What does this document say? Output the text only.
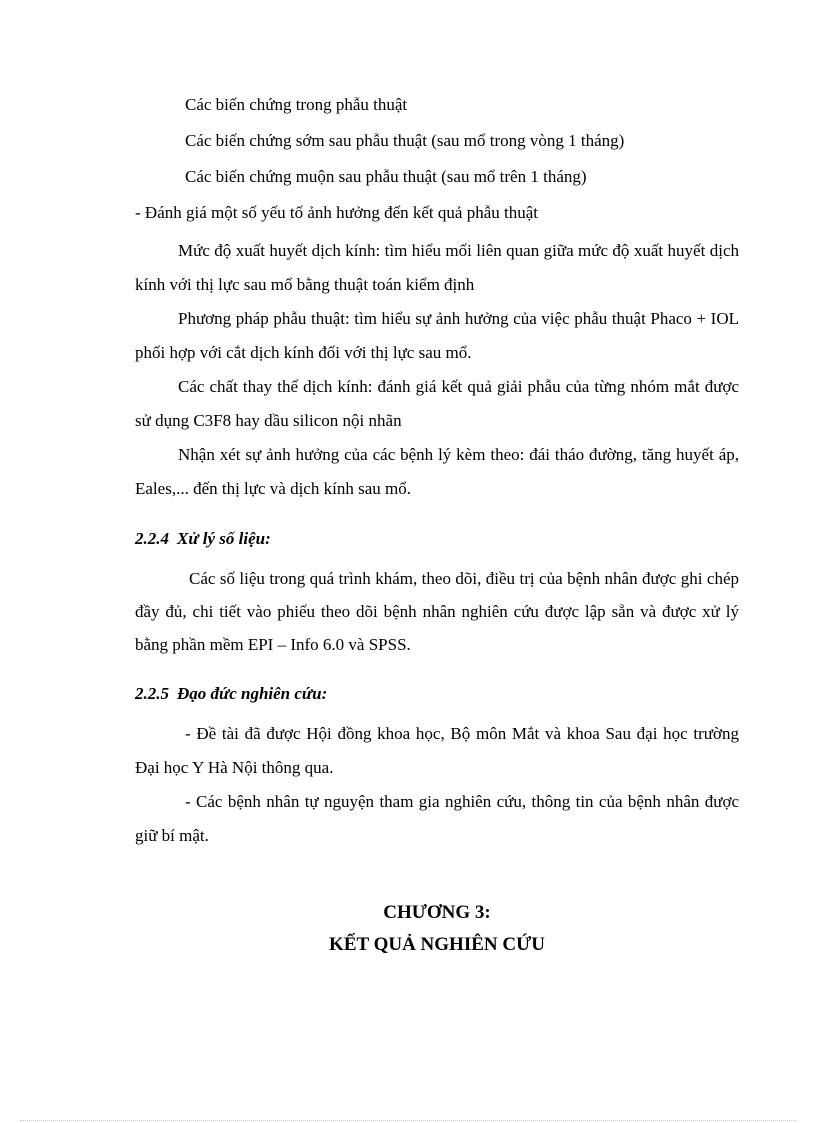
Các biến chứng trong phẫu thuật

Các biến chứng sớm sau phẫu thuật (sau mổ trong vòng 1 tháng)

Các biến chứng muộn sau phẫu thuật (sau mổ trên 1 tháng)

- Đánh giá một số yếu tố ảnh hưởng đến kết quả phẫu thuật

Mức độ xuất huyết dịch kính: tìm hiểu mối liên quan giữa mức độ xuất huyết dịch kính với thị lực sau mổ bằng thuật toán kiểm định

Phương pháp phẫu thuật: tìm hiểu sự ảnh hưởng của việc phẫu thuật Phaco + IOL phối hợp với cắt dịch kính đối với thị lực sau mổ.

Các chất thay thế dịch kính: đánh giá kết quả giải phẫu của từng nhóm mắt được sử dụng C3F8 hay dầu silicon nội nhãn

Nhận xét sự ảnh hưởng của các bệnh lý kèm theo: đái tháo đường, tăng huyết áp, Eales,... đến thị lực và dịch kính sau mổ.

2.2.4 Xử lý số liệu:

Các số liệu trong quá trình khám, theo dõi, điều trị của bệnh nhân được ghi chép đầy đủ, chi tiết vào phiếu theo dõi bệnh nhân nghiên cứu được lập sẵn và được xử lý bằng phần mềm EPI – Info 6.0 và SPSS.

2.2.5 Đạo đức nghiên cứu:

- Đề tài đã được Hội đồng khoa học, Bộ môn Mắt và khoa Sau đại học trường Đại học Y Hà Nội thông qua.

- Các bệnh nhân tự nguyện tham gia nghiên cứu, thông tin của bệnh nhân được giữ bí mật.

CHƯƠNG 3:
KẾT QUẢ NGHIÊN CỨU
